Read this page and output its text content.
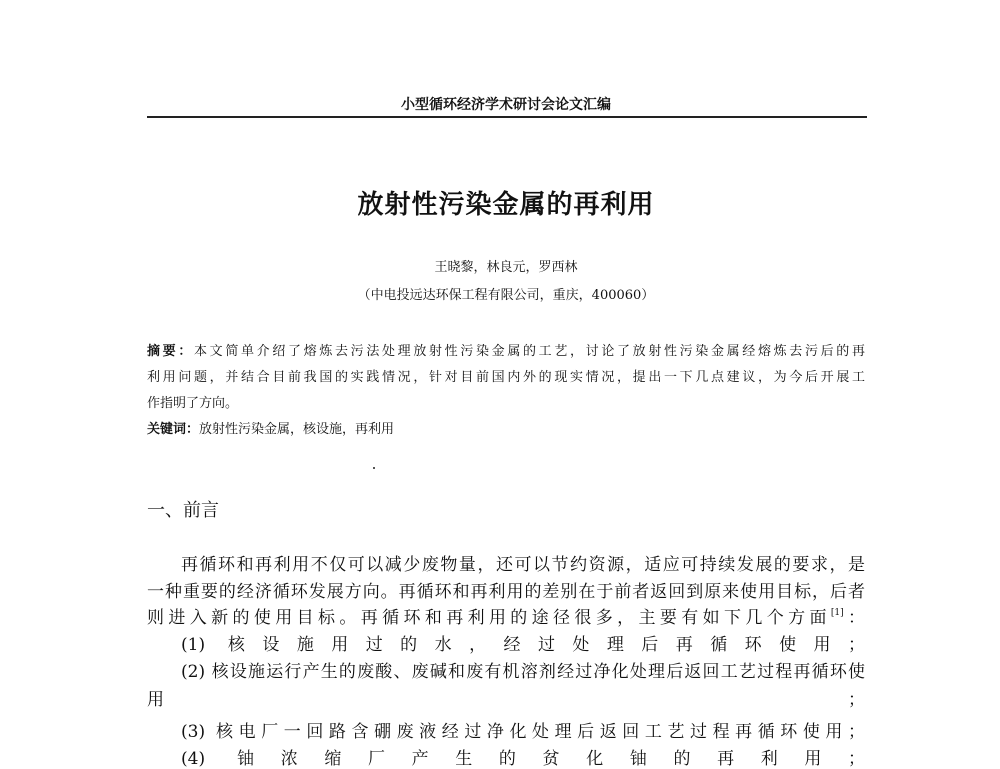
小型循环经济学术研讨会论文汇编
放射性污染金属的再利用
王晓黎，林良元，罗西林
（中电投远达环保工程有限公司，重庆，400060）
摘要：本文简单介绍了熔炼去污法处理放射性污染金属的工艺，讨论了放射性污染金属经熔炼去污后的再
利用问题，并结合目前我国的实践情况，针对目前国内外的现实情况，提出一下几点建议，为今后开展工
作指明了方向。
关键词：放射性污染金属，核设施，再利用
一、前言
再循环和再利用不仅可以减少废物量，还可以节约资源，适应可持续发展的要求，是
一种重要的经济循环发展方向。再循环和再利用的差别在于前者返回到原来使用目标，后者
则进入新的使用目标。再循环和再利用的途径很多，主要有如下几个方面[1]：
(1) 核设施用过的水，经过处理后再循环使用；
(2) 核设施运行产生的废酸、废碱和废有机溶剂经过净化处理后返回工艺过程再循环使
用；
(3) 核电厂一回路含硼废液经过净化处理后返回工艺过程再循环使用；
(4) 铀浓缩厂产生的贫化铀的再利用；
